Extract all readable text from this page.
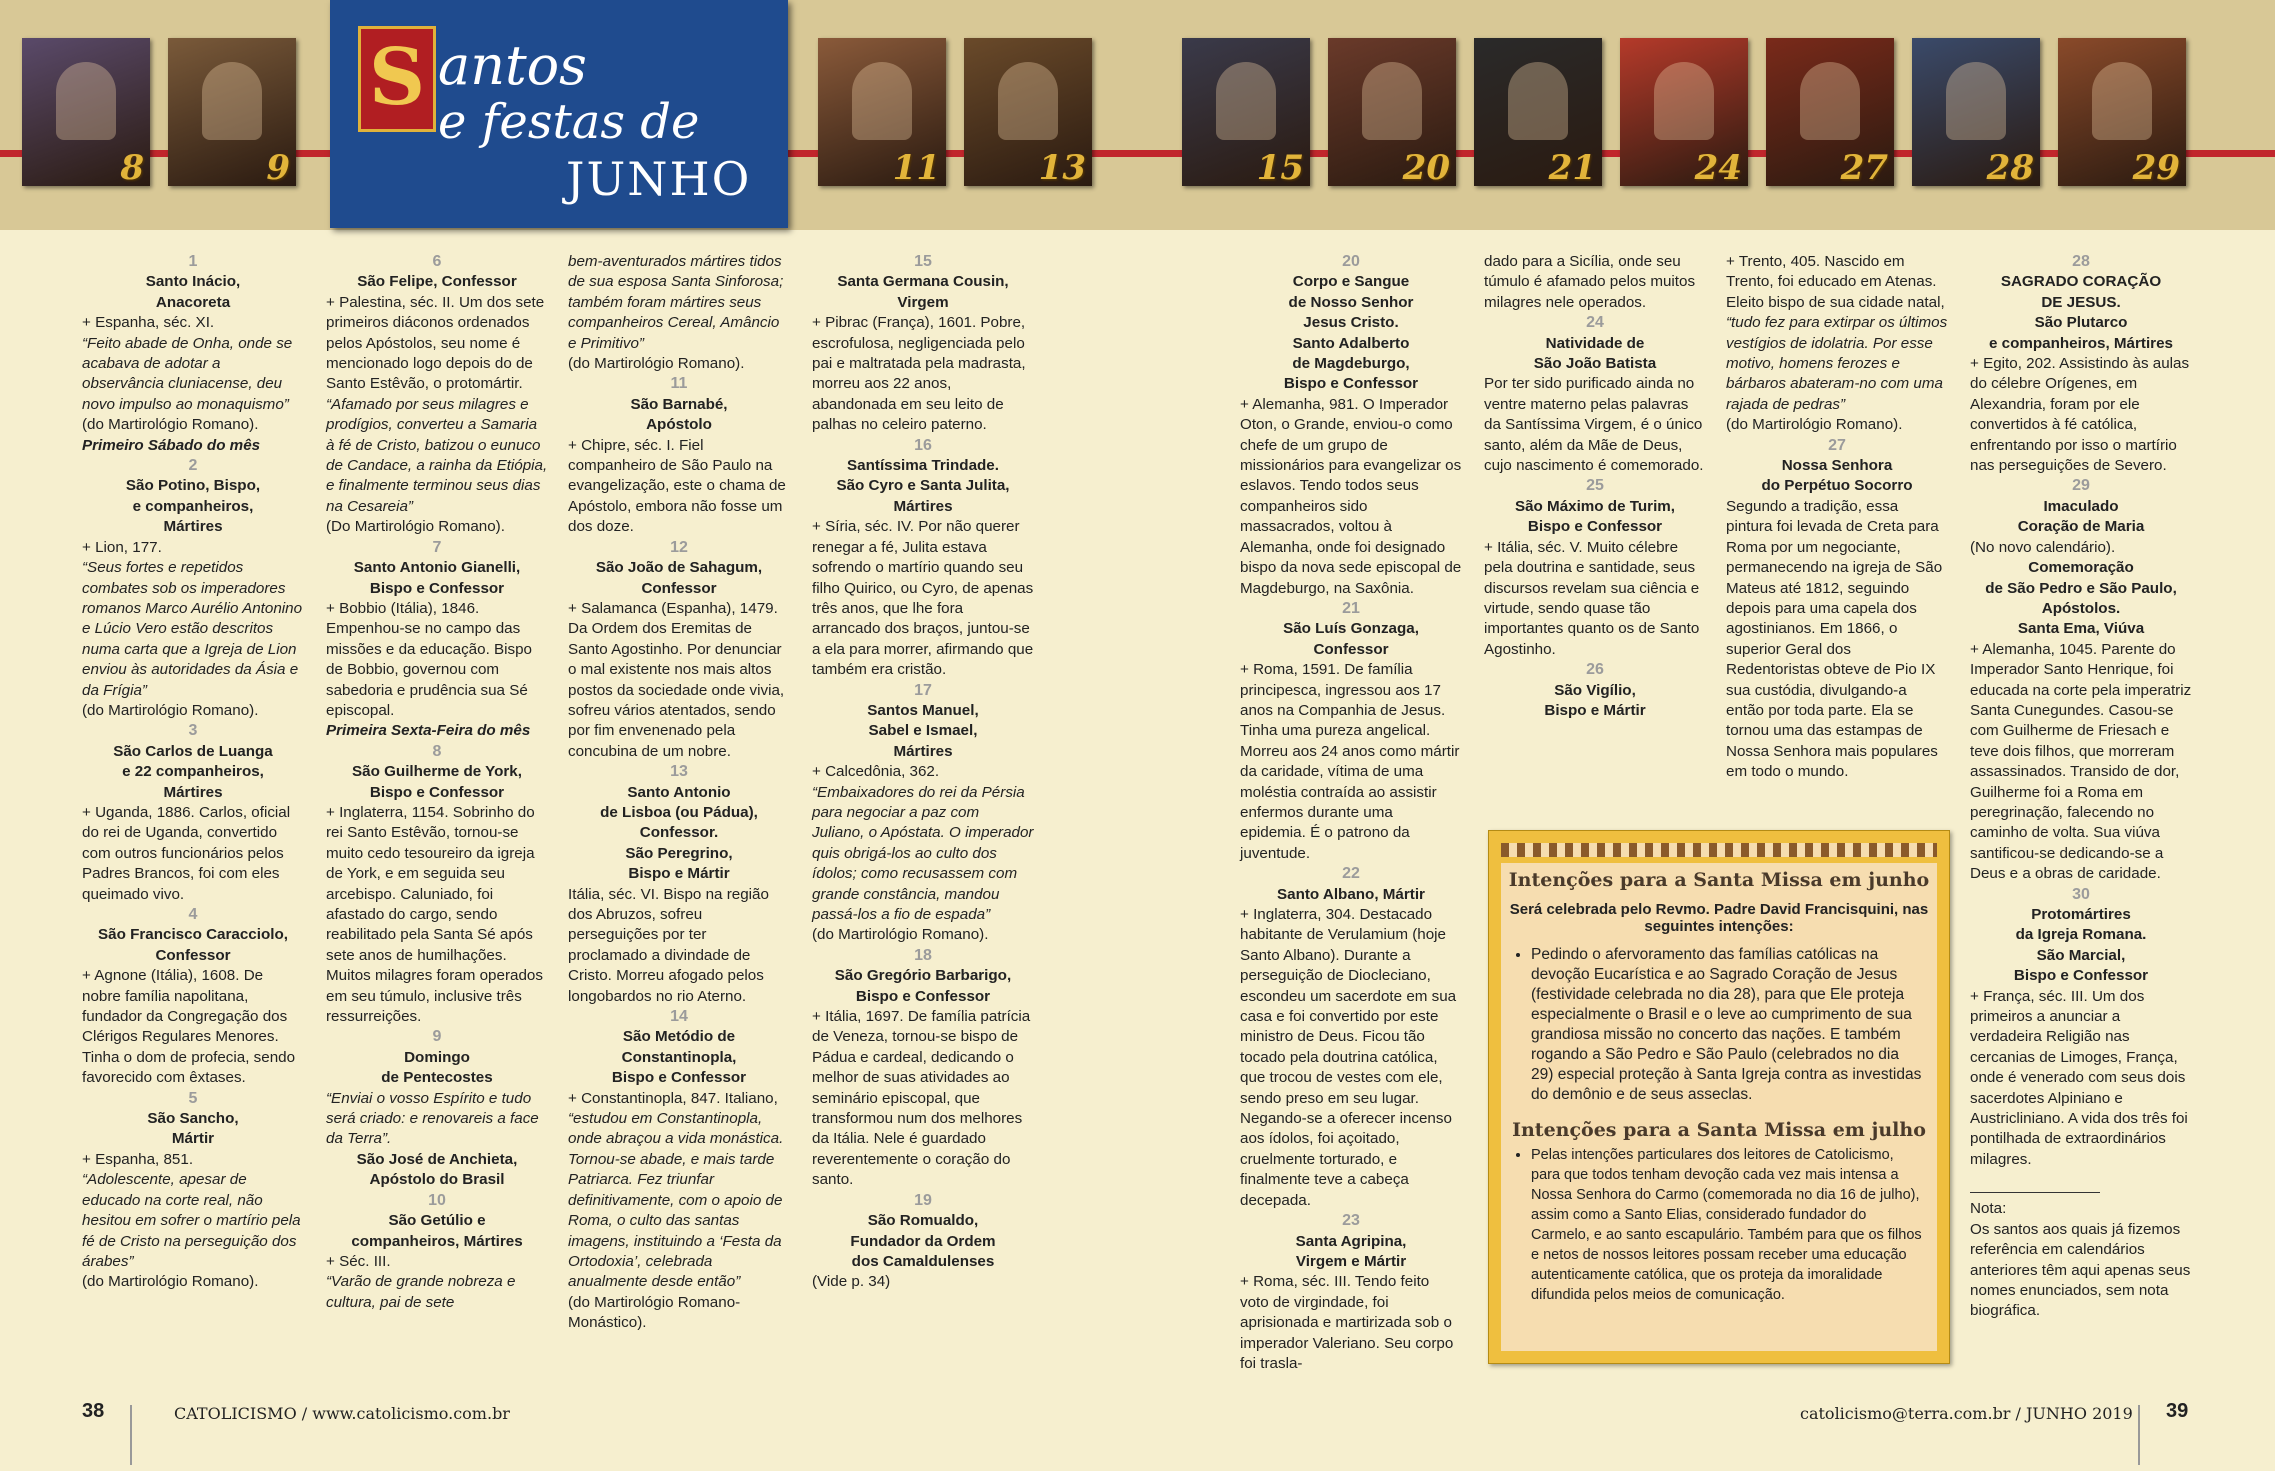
8	9	11	13	15	20	21	24	27	28	29
S antos
e festas de
JUNHO

1

Santo Inácio,

Anacoreta

+ Espanha, séc. XI.

“Feito abade de Onha, onde se acabava de adotar a observância cluniacense, deu novo impulso ao monaquismo”

(do Martirológio Romano).

Primeiro Sábado do mês

2

São Potino, Bispo,

e companheiros,

Mártires

+ Lion, 177.

“Seus fortes e repetidos combates sob os imperadores romanos Marco Aurélio Antonino e Lúcio Vero estão descritos numa carta que a Igreja de Lion enviou às autoridades da Ásia e da Frígia”

(do Martirológio Romano).

3

São Carlos de Luanga

e 22 companheiros,

Mártires

+ Uganda, 1886. Carlos, oficial do rei de Uganda, convertido com outros funcionários pelos Padres Brancos, foi com eles queimado vivo.

4

São Francisco Caracciolo,

Confessor

+ Agnone (Itália), 1608. De nobre família napolitana, fundador da Congregação dos Clérigos Regulares Menores. Tinha o dom de profecia, sendo favorecido com êxtases.

5

São Sancho,

Mártir

+ Espanha, 851.

“Adolescente, apesar de educado na corte real, não hesitou em sofrer o martírio pela fé de Cristo na perseguição dos árabes”

(do Martirológio Romano).

6

São Felipe, Confessor

+ Palestina, séc. II. Um dos sete primeiros diáconos ordenados pelos Apóstolos, seu nome é mencionado logo depois do de Santo Estêvão, o protomártir.

“Afamado por seus milagres e prodígios, converteu a Samaria à fé de Cristo, batizou o eunuco de Candace, a rainha da Etiópia, e finalmente terminou seus dias na Cesareia”

(Do Martirológio Romano).

7

Santo Antonio Gianelli,

Bispo e Confessor

+ Bobbio (Itália), 1846. Empenhou-se no campo das missões e da educação. Bispo de Bobbio, governou com sabedoria e prudência sua Sé episcopal.

Primeira Sexta-Feira do mês

8

São Guilherme de York,

Bispo e Confessor

+ Inglaterra, 1154. Sobrinho do rei Santo Estêvão, tornou-se muito cedo tesoureiro da igreja de York, e em seguida seu arcebispo. Caluniado, foi afastado do cargo, sendo reabilitado pela Santa Sé após sete anos de humilhações. Muitos milagres foram operados em seu túmulo, inclusive três ressurreições.

9

Domingo

de Pentecostes

“Enviai o vosso Espírito e tudo será criado: e renovareis a face da Terra”.

São José de Anchieta,

Apóstolo do Brasil

10

São Getúlio e

companheiros, Mártires

+ Séc. III.

“Varão de grande nobreza e cultura, pai de sete

bem-aventurados mártires tidos de sua esposa Santa Sinforosa; também foram mártires seus companheiros Cereal, Amâncio e Primitivo”

(do Martirológio Romano).

11

São Barnabé,

Apóstolo

+ Chipre, séc. I. Fiel companheiro de São Paulo na evangelização, este o chama de Apóstolo, embora não fosse um dos doze.

12

São João de Sahagum,

Confessor

+ Salamanca (Espanha), 1479. Da Ordem dos Eremitas de Santo Agostinho. Por denunciar o mal existente nos mais altos postos da sociedade onde vivia, sofreu vários atentados, sendo por fim envenenado pela concubina de um nobre.

13

Santo Antonio

de Lisboa (ou Pádua),

Confessor.

São Peregrino,

Bispo e Mártir

Itália, séc. VI. Bispo na região dos Abruzos, sofreu perseguições por ter proclamado a divindade de Cristo. Morreu afogado pelos longobardos no rio Aterno.

14

São Metódio de

Constantinopla,

Bispo e Confessor

+ Constantinopla, 847. Italiano,

“estudou em Constantinopla, onde abraçou a vida monástica. Tornou-se abade, e mais tarde Patriarca. Fez triunfar definitivamente, com o apoio de Roma, o culto das santas imagens, instituindo a ‘Festa da Ortodoxia’, celebrada anualmente desde então”

(do Martirológio Romano-Monástico).

15

Santa Germana Cousin,

Virgem

+ Pibrac (França), 1601. Pobre, escrofulosa, negligenciada pelo pai e maltratada pela madrasta, morreu aos 22 anos, abandonada em seu leito de palhas no celeiro paterno.

16

Santíssima Trindade.

São Cyro e Santa Julita,

Mártires

+ Síria, séc. IV. Por não querer renegar a fé, Julita estava sofrendo o martírio quando seu filho Quirico, ou Cyro, de apenas três anos, que lhe fora arrancado dos braços, juntou-se a ela para morrer, afirmando que também era cristão.

17

Santos Manuel,

Sabel e Ismael,

Mártires

+ Calcedônia, 362.

“Embaixadores do rei da Pérsia para negociar a paz com Juliano, o Apóstata. O imperador quis obrigá-los ao culto dos ídolos; como recusassem com grande constância, mandou passá-los a fio de espada”

(do Martirológio Romano).

18

São Gregório Barbarigo,

Bispo e Confessor

+ Itália, 1697. De família patrícia de Veneza, tornou-se bispo de Pádua e cardeal, dedicando o melhor de suas atividades ao seminário episcopal, que transformou num dos melhores da Itália. Nele é guardado reverentemente o coração do santo.

19

São Romualdo,

Fundador da Ordem

dos Camaldulenses

(Vide p. 34)

20

Corpo e Sangue

de Nosso Senhor

Jesus Cristo.

Santo Adalberto

de Magdeburgo,

Bispo e Confessor

+ Alemanha, 981. O Imperador Oton, o Grande, enviou-o como chefe de um grupo de missionários para evangelizar os eslavos. Tendo todos seus companheiros sido massacrados, voltou à Alemanha, onde foi designado bispo da nova sede episcopal de Magdeburgo, na Saxônia.

21

São Luís Gonzaga,

Confessor

+ Roma, 1591. De família principesca, ingressou aos 17 anos na Companhia de Jesus. Tinha uma pureza angelical. Morreu aos 24 anos como mártir da caridade, vítima de uma moléstia contraída ao assistir enfermos durante uma epidemia. É o patrono da juventude.

22

Santo Albano, Mártir

+ Inglaterra, 304. Destacado habitante de Verulamium (hoje Santo Albano). Durante a perseguição de Diocleciano, escondeu um sacerdote em sua casa e foi convertido por este ministro de Deus. Ficou tão tocado pela doutrina católica, que trocou de vestes com ele, sendo preso em seu lugar. Negando-se a oferecer incenso aos ídolos, foi açoitado, cruelmente torturado, e finalmente teve a cabeça decepada.

23

Santa Agripina,

Virgem e Mártir

+ Roma, séc. III. Tendo feito voto de virgindade, foi aprisionada e martirizada sob o imperador Valeriano. Seu corpo foi trasla-

dado para a Sicília, onde seu túmulo é afamado pelos muitos milagres nele operados.

24

Natividade de

São João Batista

Por ter sido purificado ainda no ventre materno pelas palavras da Santíssima Virgem, é o único santo, além da Mãe de Deus, cujo nascimento é comemorado.

25

São Máximo de Turim,

Bispo e Confessor

+ Itália, séc. V. Muito célebre pela doutrina e santidade, seus discursos revelam sua ciência e virtude, sendo quase tão importantes quanto os de Santo Agostinho.

26

São Vigílio,

Bispo e Mártir

+ Trento, 405. Nascido em Trento, foi educado em Atenas. Eleito bispo de sua cidade natal,

“tudo fez para extirpar os últimos vestígios de idolatria. Por esse motivo, homens ferozes e bárbaros abateram-no com uma rajada de pedras”

(do Martirológio Romano).

27

Nossa Senhora

do Perpétuo Socorro

Segundo a tradição, essa pintura foi levada de Creta para Roma por um negociante, permanecendo na igreja de São Mateus até 1812, seguindo depois para uma capela dos agostinianos. Em 1866, o superior Geral dos Redentoristas obteve de Pio IX sua custódia, divulgando-a então por toda parte. Ela se tornou uma das estampas de Nossa Senhora mais populares em todo o mundo.

28

SAGRADO CORAÇÃO

DE JESUS.

São Plutarco

e companheiros, Mártires

+ Egito, 202. Assistindo às aulas do célebre Orígenes, em Alexandria, foram por ele convertidos à fé católica, enfrentando por isso o martírio nas perseguições de Severo.

29

Imaculado

Coração de Maria

(No novo calendário).

Comemoração

de São Pedro e São Paulo,

Apóstolos.

Santa Ema, Viúva

+ Alemanha, 1045. Parente do Imperador Santo Henrique, foi educada na corte pela imperatriz Santa Cunegundes. Casou-se com Guilherme de Friesach e teve dois filhos, que morreram assassinados. Transido de dor, Guilherme foi a Roma em peregrinação, falecendo no caminho de volta. Sua viúva santificou-se dedicando-se a Deus e a obras de caridade.

30

Protomártires

da Igreja Romana.

São Marcial,

Bispo e Confessor

+ França, séc. III. Um dos primeiros a anunciar a verdadeira Religião nas cercanias de Limoges, França, onde é venerado com seus dois sacerdotes Alpiniano e Austricliniano. A vida dos três foi pontilhada de extraordinários milagres.

Nota:

Os santos aos quais já fizemos referência em calendários anteriores têm aqui apenas seus nomes enunciados, sem nota biográfica.

Intenções para a Santa Missa em junho

Será celebrada pelo Revmo. Padre David Francisquini, nas seguintes intenções:

• Pedindo o afervoramento das famílias católicas na devoção Eucarística e ao Sagrado Coração de Jesus (festividade celebrada no dia 28), para que Ele proteja especialmente o Brasil e o leve ao cumprimento de sua grandiosa missão no concerto das nações. E também rogando a São Pedro e São Paulo (celebrados no dia 29) especial proteção à Santa Igreja contra as investidas do demônio e de seus asseclas.
Intenções para a Santa Missa em julho
• Pelas intenções particulares dos leitores de Catolicismo, para que todos tenham devoção cada vez mais intensa a Nossa Senhora do Carmo (comemorada no dia 16 de julho), assim como a Santo Elias, considerado fundador do Carmelo, e ao santo escapulário. Também para que os filhos e netos de nossos leitores possam receber uma educação autenticamente católica, que os proteja da imoralidade difundida pelos meios de comunicação.
38	CATOLICISMO / www.catolicismo.com.br	catolicismo@terra.com.br / JUNHO 2019 39
